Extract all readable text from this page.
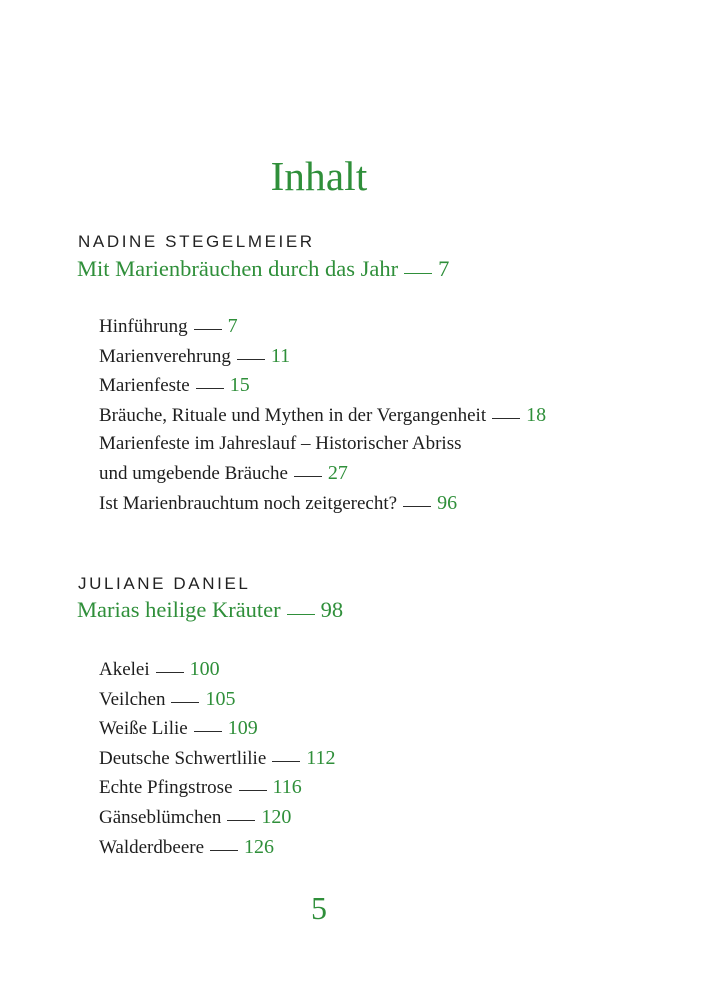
Inhalt
NADINE STEGELMEIER
Mit Marienbräuchen durch das Jahr 7
Hinführung 7
Marienverehrung 11
Marienfeste 15
Bräuche, Rituale und Mythen in der Vergangenheit 18
Marienfeste im Jahreslauf – Historischer Abriss
und umgebende Bräuche 27
Ist Marienbrauchtum noch zeitgerecht? 96
JULIANE DANIEL
Marias heilige Kräuter 98
Akelei 100
Veilchen 105
Weiße Lilie 109
Deutsche Schwertlilie 112
Echte Pfingstrose 116
Gänseblümchen 120
Walderdbeere 126
5
